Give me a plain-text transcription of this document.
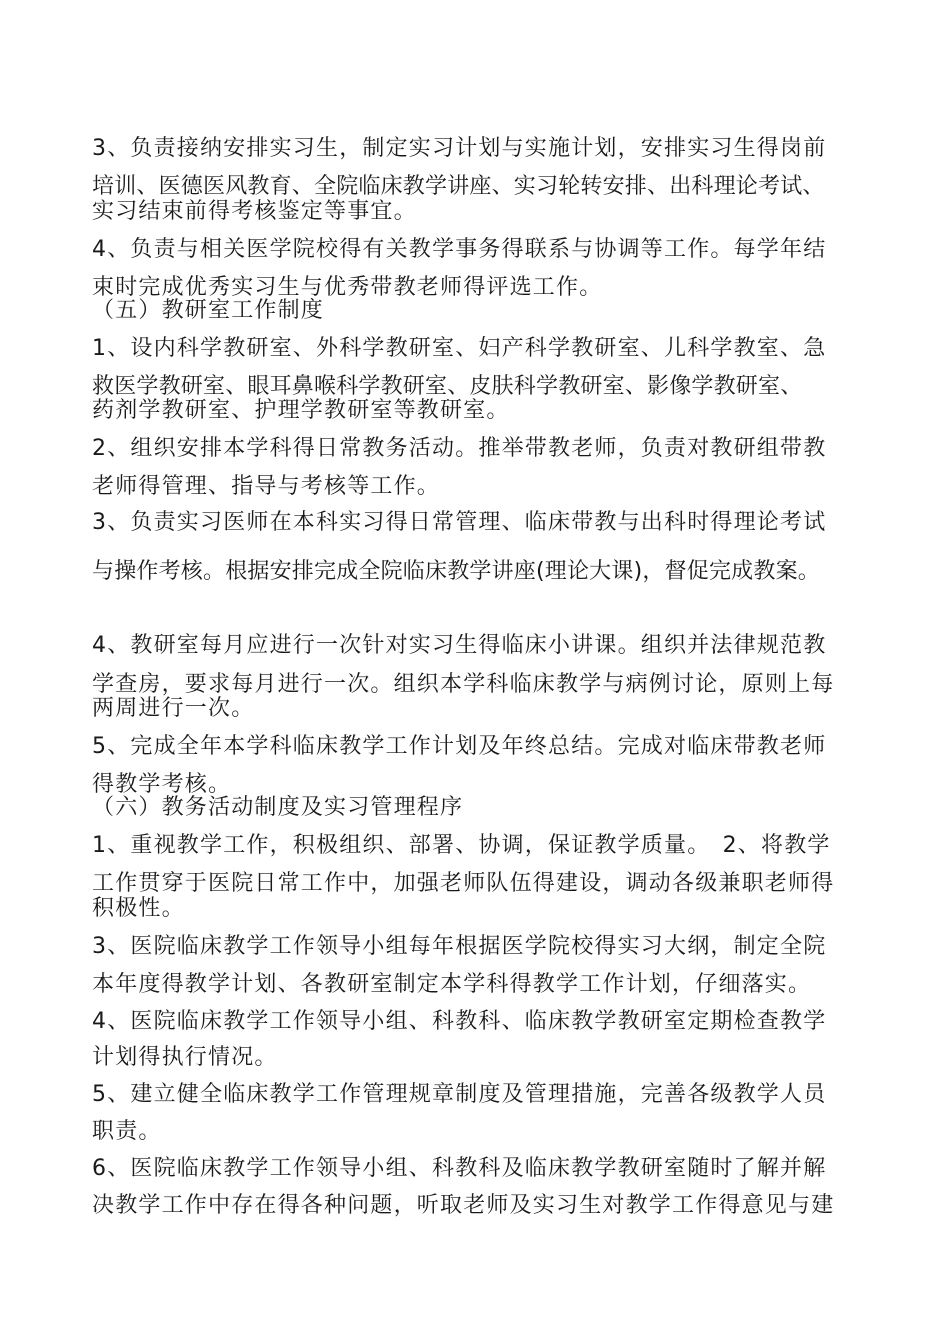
3、负责接纳安排实习生，制定实习计划与实施计划，安排实习生得岗前
培训、医德医风教育、全院临床教学讲座、实习轮转安排、出科理论考试、
实习结束前得考核鉴定等事宜。
4、负责与相关医学院校得有关教学事务得联系与协调等工作。每学年结
束时完成优秀实习生与优秀带教老师得评选工作。
（五）教研室工作制度
1、设内科学教研室、外科学教研室、妇产科学教研室、儿科学教室、急
救医学教研室、眼耳鼻喉科学教研室、皮肤科学教研室、影像学教研室、
药剂学教研室、护理学教研室等教研室。
2、组织安排本学科得日常教务活动。推举带教老师，负责对教研组带教
老师得管理、指导与考核等工作。
3、负责实习医师在本科实习得日常管理、临床带教与出科时得理论考试
与操作考核。根据安排完成全院临床教学讲座(理论大课)，督促完成教案。
4、教研室每月应进行一次针对实习生得临床小讲课。组织并法律规范教
学查房，要求每月进行一次。组织本学科临床教学与病例讨论，原则上每
两周进行一次。
5、完成全年本学科临床教学工作计划及年终总结。完成对临床带教老师
得教学考核。
（六）教务活动制度及实习管理程序
1、重视教学工作，积极组织、部署、协调，保证教学质量。　2、将教学
工作贯穿于医院日常工作中，加强老师队伍得建设，调动各级兼职老师得
积极性。
3、医院临床教学工作领导小组每年根据医学院校得实习大纲，制定全院
本年度得教学计划、各教研室制定本学科得教学工作计划，仔细落实。
4、医院临床教学工作领导小组、科教科、临床教学教研室定期检查教学
计划得执行情况。
5、建立健全临床教学工作管理规章制度及管理措施，完善各级教学人员
职责。
6、医院临床教学工作领导小组、科教科及临床教学教研室随时了解并解
决教学工作中存在得各种问题，听取老师及实习生对教学工作得意见与建
